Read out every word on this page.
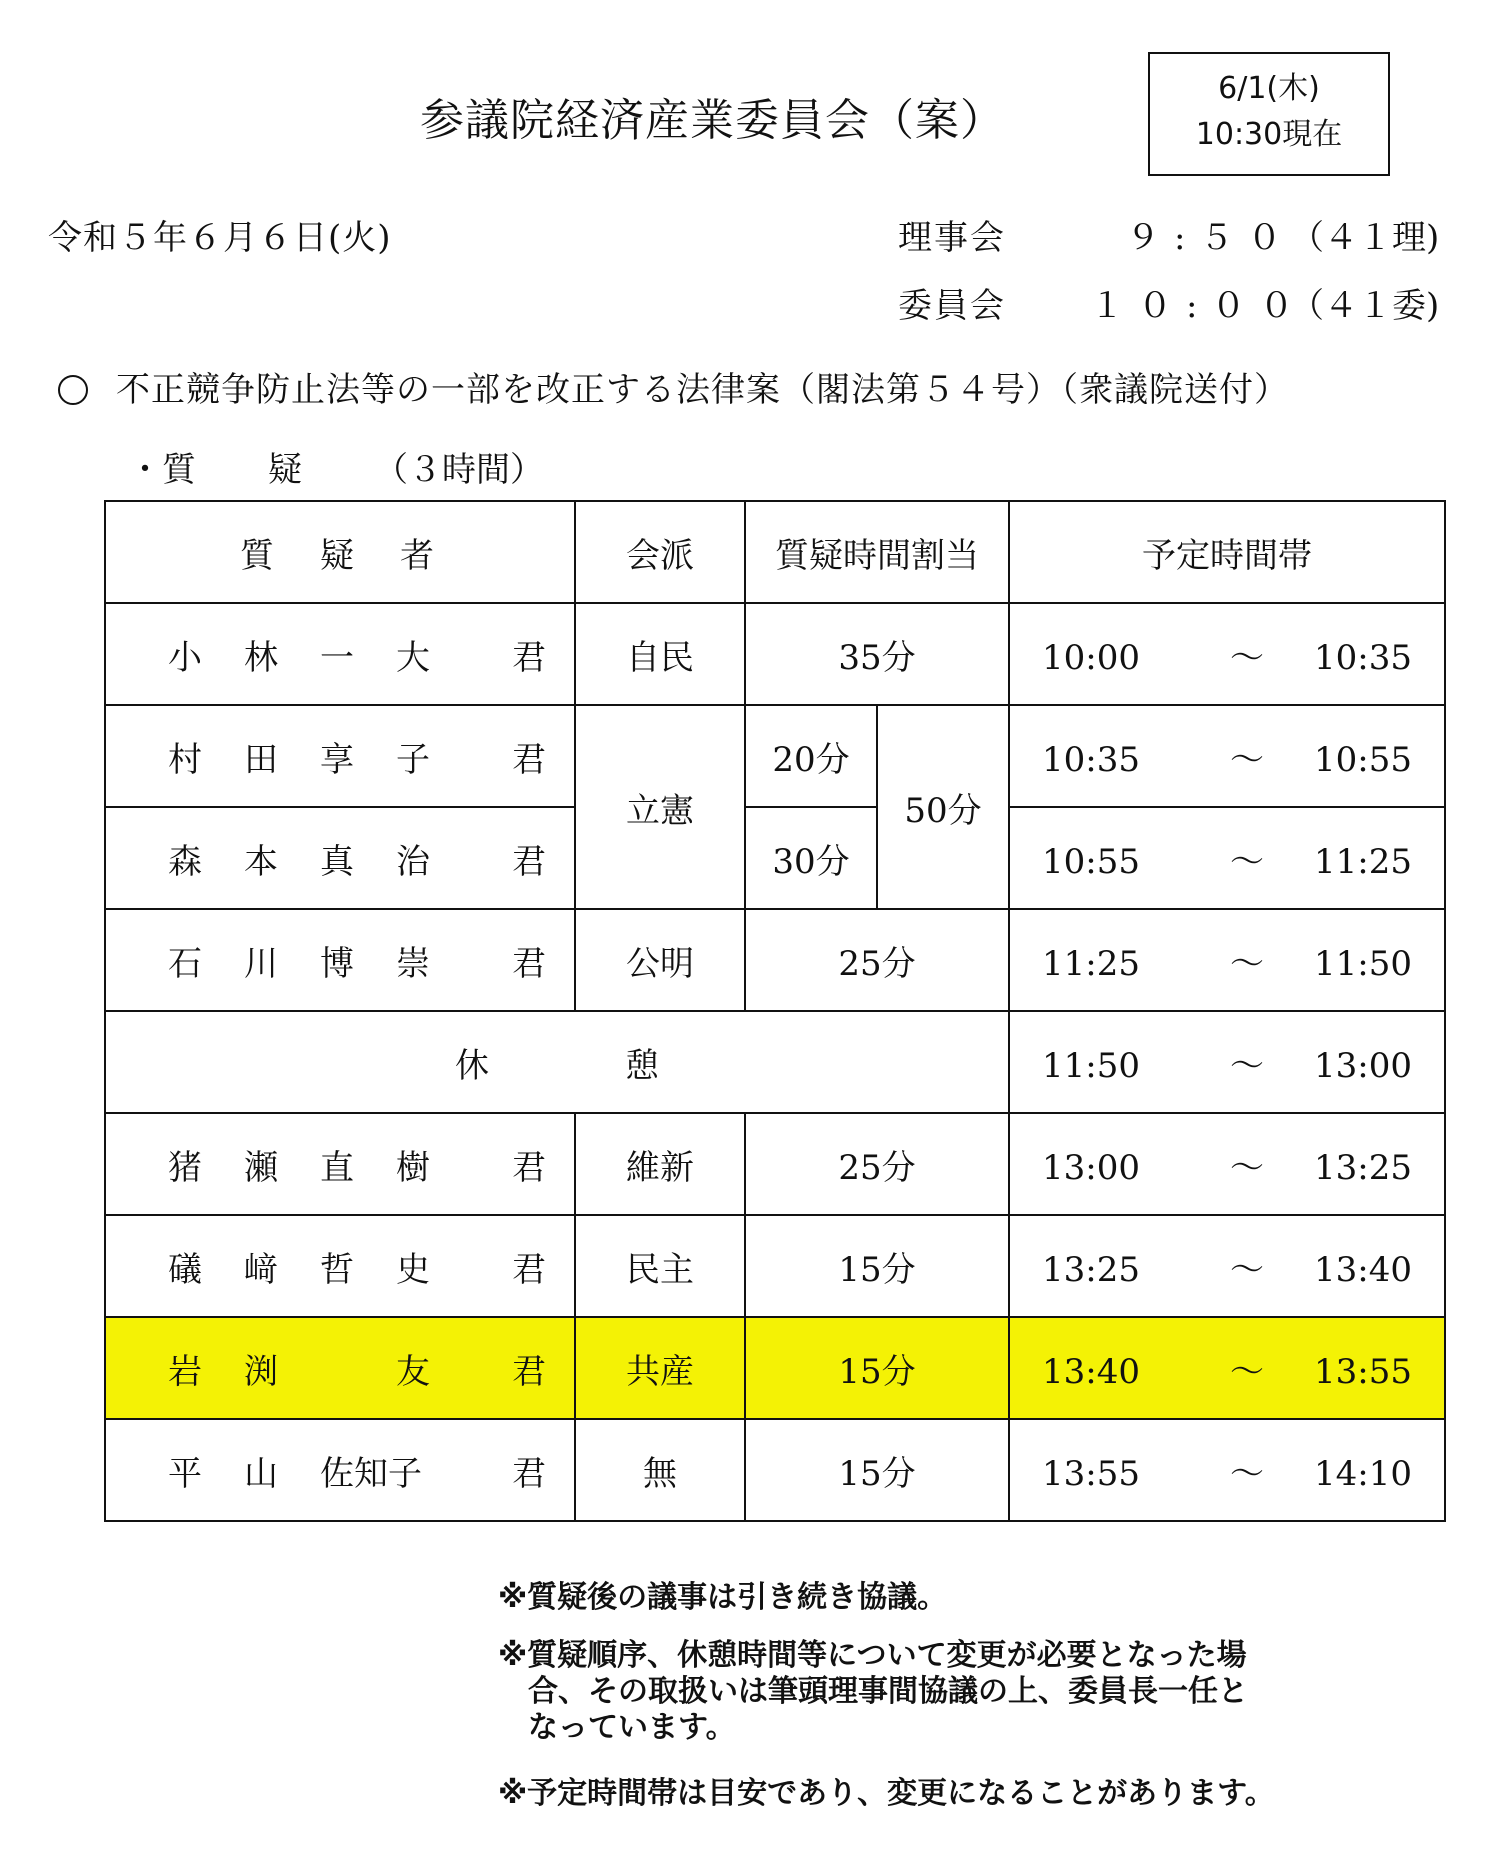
参議院経済産業委員会（案）
6/1(木)
10:30現在
令和５年６月６日(火)	理事会	９:５０
（４１理)
委員会 １０:００
（４１委)
不正競争防止法等の一部を改正する法律案（閣法第５４号）（衆議院送付）
・質 疑 （３時間）
質　疑　者	会派	質疑時間割当		予定時間帯
小 林 一 大 君	自民	35分		10:00 ～ 10:35
村 田 享 子 君	立憲	20分	50分	10:35 ～ 10:55
森 本 真 治 君		30分		10:55 ～ 11:25
石 川 博 崇 君	公明	25分		11:25 ～ 11:50
休 憩				11:50 ～ 13:00
猪 瀬 直 樹 君	維新	25分		13:00 ～ 13:25
礒 﨑 哲 史 君	民主	15分		13:25 ～ 13:40
岩 渕 友 君	共産	15分		13:40 ～ 13:55
平 山 佐知子 君	無	15分		13:55 ～ 14:10
※質疑後の議事は引き続き協議。
※質疑順序、休憩時間等について変更が必要となった場
　合、その取扱いは筆頭理事間協議の上、委員長一任と
　なっています。
※予定時間帯は目安であり、変更になることがあります。
